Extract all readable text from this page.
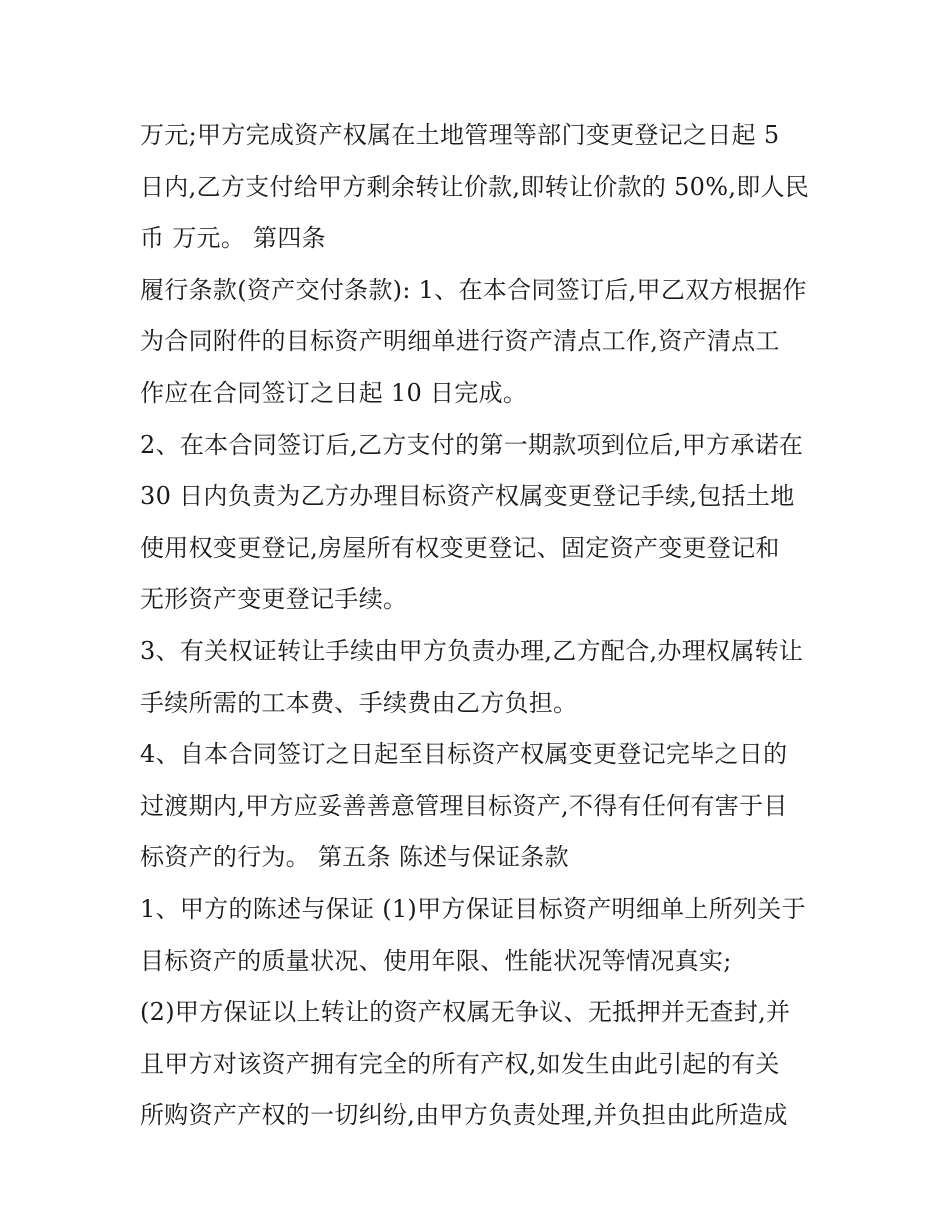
万元;甲方完成资产权属在土地管理等部门变更登记之日起 5
日内,乙方支付给甲方剩余转让价款,即转让价款的 50%,即人民
币 万元。 第四条
履行条款(资产交付条款): 1、在本合同签订后,甲乙双方根据作
为合同附件的目标资产明细单进行资产清点工作,资产清点工
作应在合同签订之日起 10 日完成。
2、在本合同签订后,乙方支付的第一期款项到位后,甲方承诺在
30 日内负责为乙方办理目标资产权属变更登记手续,包括土地
使用权变更登记,房屋所有权变更登记、固定资产变更登记和
无形资产变更登记手续。
3、有关权证转让手续由甲方负责办理,乙方配合,办理权属转让
手续所需的工本费、手续费由乙方负担。
4、自本合同签订之日起至目标资产权属变更登记完毕之日的
过渡期内,甲方应妥善善意管理目标资产,不得有任何有害于目
标资产的行为。 第五条 陈述与保证条款
1、甲方的陈述与保证 (1)甲方保证目标资产明细单上所列关于
目标资产的质量状况、使用年限、性能状况等情况真实;
(2)甲方保证以上转让的资产权属无争议、无抵押并无查封,并
且甲方对该资产拥有完全的所有产权,如发生由此引起的有关
所购资产产权的一切纠纷,由甲方负责处理,并负担由此所造成
